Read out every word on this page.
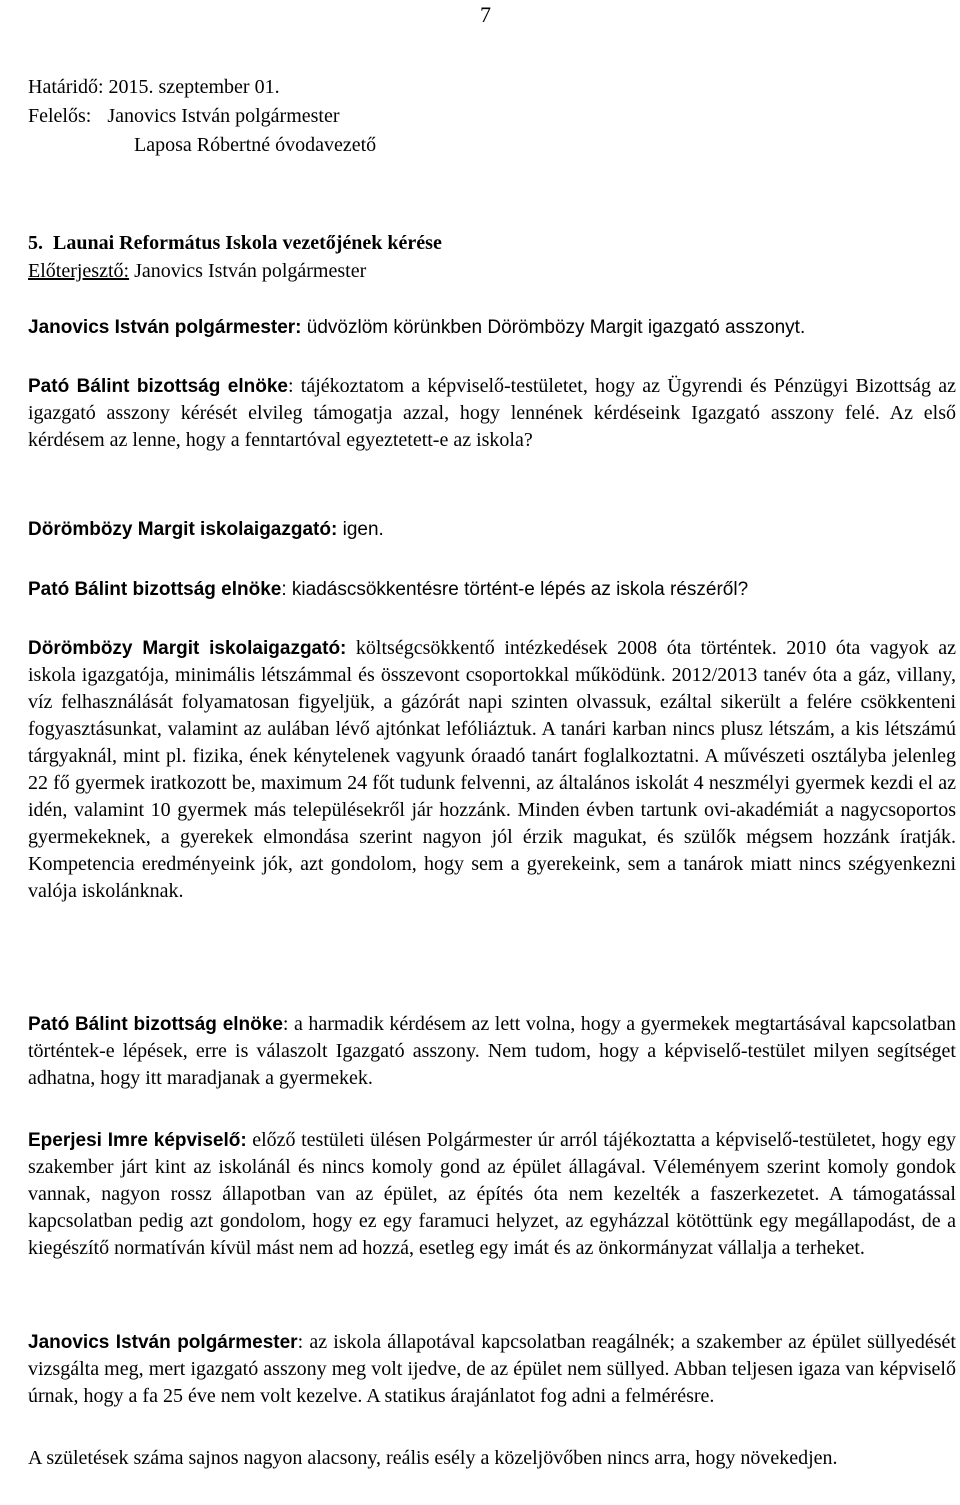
7
Határidő: 2015. szeptember 01.
Felelős: Janovics István polgármester
Laposa Róbertné óvodavezető
5. Launai Református Iskola vezetőjének kérése
Előterjesztő: Janovics István polgármester

Janovics István polgármester: üdvözlöm körünkben Dörömböz​y Margit igazgató asszonyt.

Pató Bálint bizottság elnöke: tájékoztatom a képviselő-testületet, hogy az Ügyrendi és Pénzügyi Bizottság az igazgató asszony kérését elvileg támogatja azzal, hogy lennének kérdéseink Igazgató asszony felé. Az első kérdésem az lenne, hogy a fenntartóval egyeztetett-e az iskola?

Dörömböz​y Margit iskolaigazgató: igen.

Pató Bálint bizottság elnöke: kiadáscsökkentésre történt-e lépés az iskola részéről?

Dörömböz​y Margit iskolaigazgató: költségcsökkentő intézkedések 2008 óta történtek. 2010 óta vagyok az iskola igazgatója, minimális létszámmal és összevont csoportokkal működünk. 2012/2013 tanév óta a gáz, villany, víz felhasználását folyamatosan figyeljük, a gázórát napi szinten olvassuk, ezáltal sikerült a felére csökkenteni fogyasztásunkat, valamint az aulában lévő ajtónkat lefóliáztuk. A tanári karban nincs plusz létszám, a kis létszámú tárgyaknál, mint pl. fizika, ének kénytelenek vagyunk óraadó tanárt foglalkoztatni. A művészeti osztályba jelenleg 22 fő gyermek iratkozott be, maximum 24 főt tudunk felvenni, az általános iskolát 4 neszmélyi gyermek kezdi el az idén, valamint 10 gyermek más településekről jár hozzánk. Minden évben tartunk ovi-akadémiát a nagycsoportos gyermekeknek, a gyerekek elmondása szerint nagyon jól érzik magukat, és szülők mégsem hozzánk íratják. Kompetencia eredményeink jók, azt gondolom, hogy sem a gyerekeink, sem a tanárok miatt nincs szégyenkezni valója iskolánknak.

Pató Bálint bizottság elnöke: a harmadik kérdésem az lett volna, hogy a gyermekek megtartásával kapcsolatban történtek-e lépések, erre is válaszolt Igazgató asszony. Nem tudom, hogy a képviselő-testület milyen segítséget adhatna, hogy itt maradjanak a gyermekek.

Eperjesi Imre képviselő: előző testületi ülésen Polgármester úr arról tájékoztatta a képviselő-testületet, hogy egy szakember járt kint az iskolánál és nincs komoly gond az épület állagával. Véleményem szerint komoly gondok vannak, nagyon rossz állapotban van az épület, az építés óta nem kezelték a faszerkezetet. A támogatással kapcsolatban pedig azt gondolom, hogy ez egy faramuci helyzet, az egyházzal kötöttünk egy megállapodást, de a kiegészítő normatíván kívül mást nem ad hozzá, esetleg egy imát és az önkormányzat vállalja a terheket.

Janovics István polgármester: az iskola állapotával kapcsolatban reagálnék; a szakember az épület süllyedését vizsgálta meg, mert igazgató asszony meg volt ijedve, de az épület nem süllyed. Abban teljesen igaza van képviselő úrnak, hogy a fa 25 éve nem volt kezelve. A statikus árajánlatot fog adni a felmérésre.

A születések száma sajnos nagyon alacsony, reális esély a közeljövőben nincs arra, hogy növekedjen.
